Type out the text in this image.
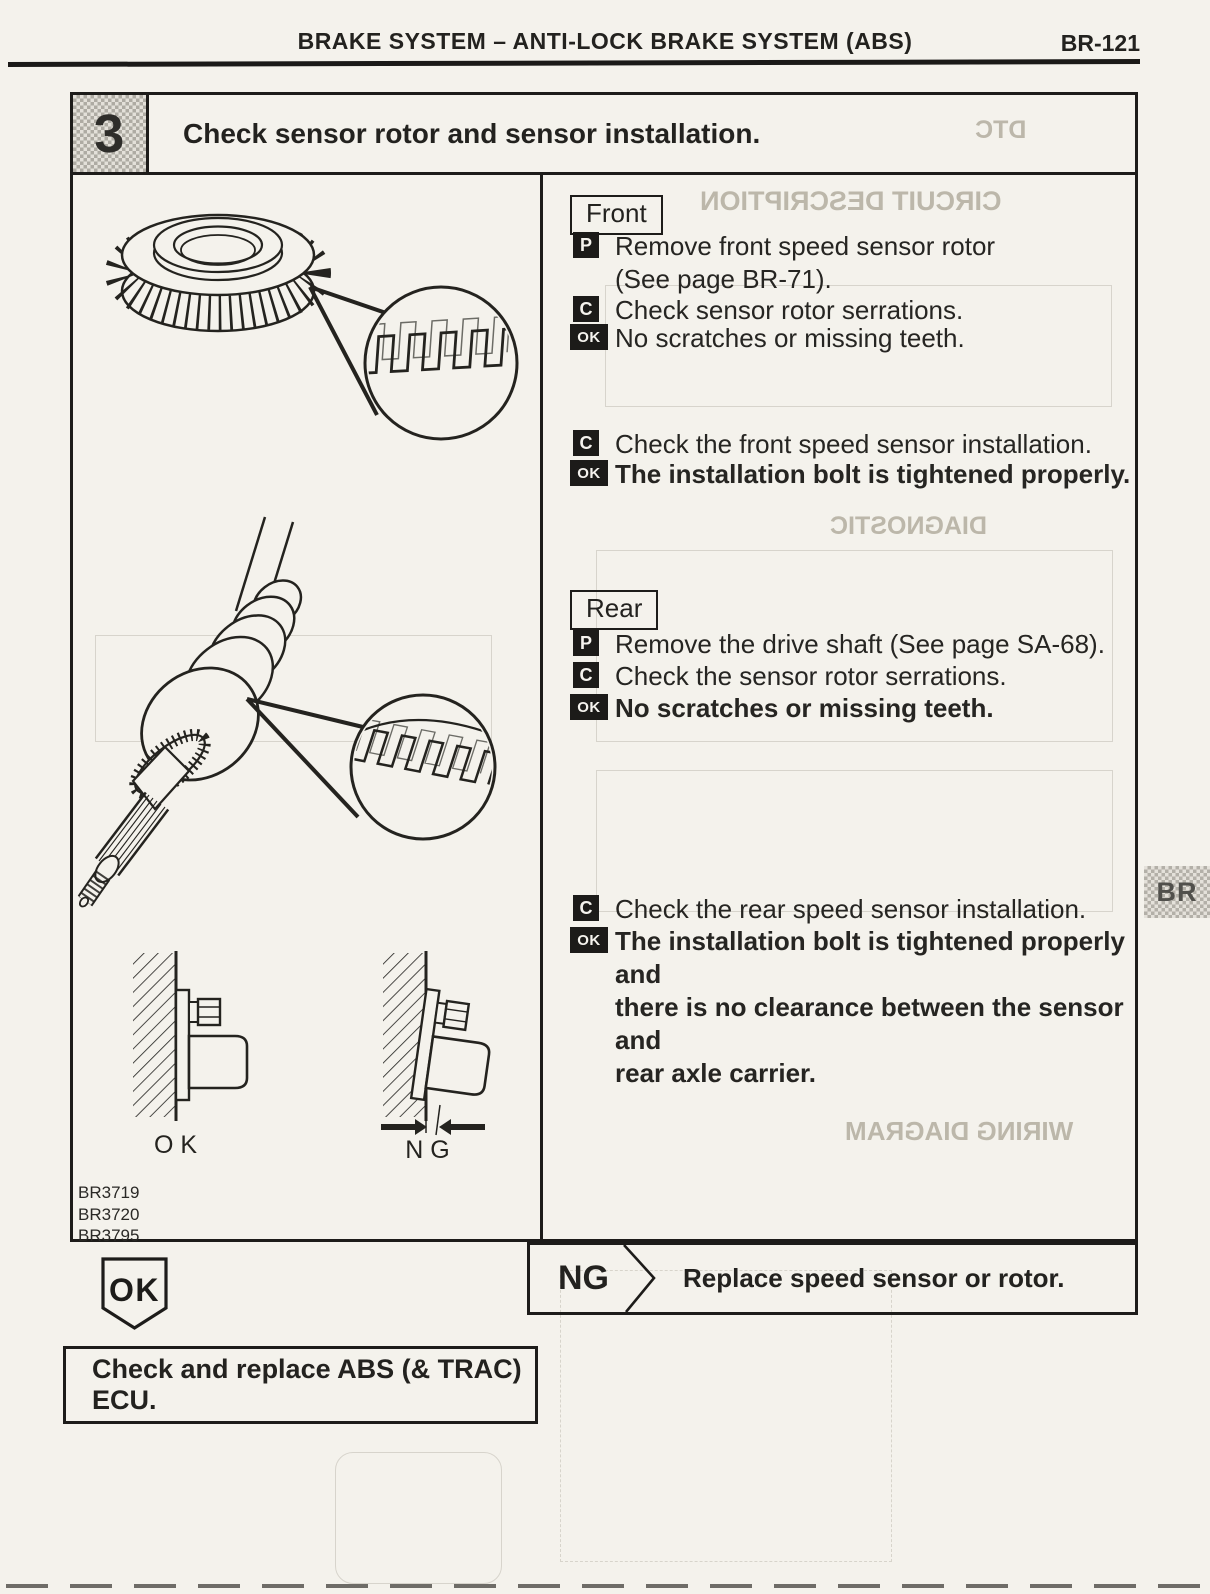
CIRCUIT DESCRIPTION
DIAGNOSTIC
WIRING DIAGRAM
DTC
BRAKE SYSTEM – ANTI-LOCK BRAKE SYSTEM (ABS)	BR-121
3	Check sensor rotor and sensor installation.
OK	NG
BR3719
BR3720
BR3795
Front
P Remove front speed sensor rotor
(See page BR-71).
C Check sensor rotor serrations.
OK No scratches or missing teeth.
C Check the front speed sensor installation.
OK The installation bolt is tightened properly.
Rear
P Remove the drive shaft (See page SA-68).
C Check the sensor rotor serrations.
OK No scratches or missing teeth.
C Check the rear speed sensor installation.
OK The installation bolt is tightened properly and
there is no clearance between the sensor and
rear axle carrier.
OK	NG	Replace speed sensor or rotor.
Check and replace ABS (& TRAC) ECU.
BR
